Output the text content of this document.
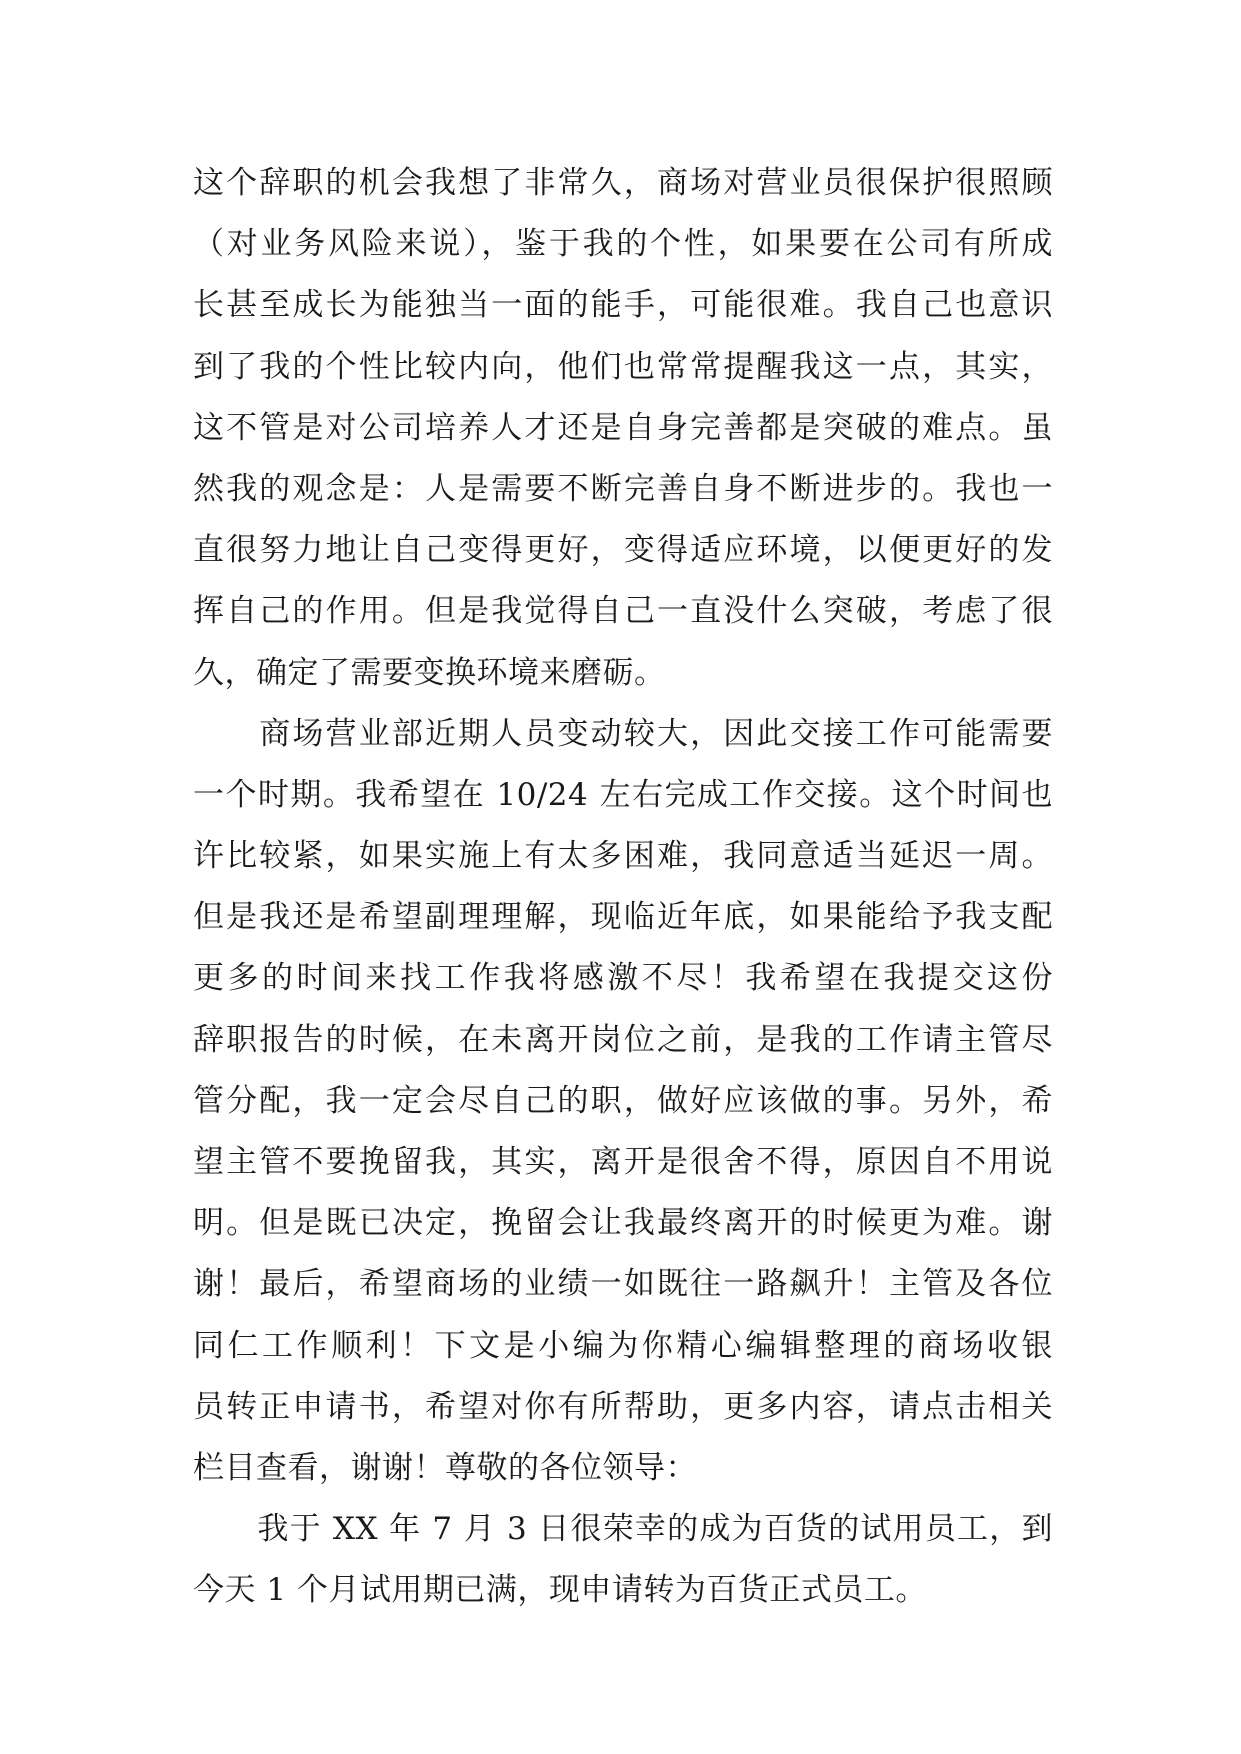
这个辞职的机会我想了非常久，商场对营业员很保护很照顾
（对业务风险来说），鉴于我的个性，如果要在公司有所成
长甚至成长为能独当一面的能手，可能很难。我自己也意识
到了我的个性比较内向，他们也常常提醒我这一点，其实，
这不管是对公司培养人才还是自身完善都是突破的难点。虽
然我的观念是：人是需要不断完善自身不断进步的。我也一
直很努力地让自己变得更好，变得适应环境，以便更好的发
挥自己的作用。但是我觉得自己一直没什么突破，考虑了很
久，确定了需要变换环境来磨砺。
　　商场营业部近期人员变动较大，因此交接工作可能需要
一个时期。我希望在 10/24 左右完成工作交接。这个时间也
许比较紧，如果实施上有太多困难，我同意适当延迟一周。
但是我还是希望副理理解，现临近年底，如果能给予我支配
更多的时间来找工作我将感激不尽！我希望在我提交这份
辞职报告的时候，在未离开岗位之前，是我的工作请主管尽
管分配，我一定会尽自己的职，做好应该做的事。另外，希
望主管不要挽留我，其实，离开是很舍不得，原因自不用说
明。但是既已决定，挽留会让我最终离开的时候更为难。谢
谢！最后，希望商场的业绩一如既往一路飙升！主管及各位
同仁工作顺利！下文是小编为你精心编辑整理的商场收银
员转正申请书，希望对你有所帮助，更多内容，请点击相关
栏目查看，谢谢！尊敬的各位领导：
　　我于 XX 年 7 月 3 日很荣幸的成为百货的试用员工，到
今天 1 个月试用期已满，现申请转为百货正式员工。
